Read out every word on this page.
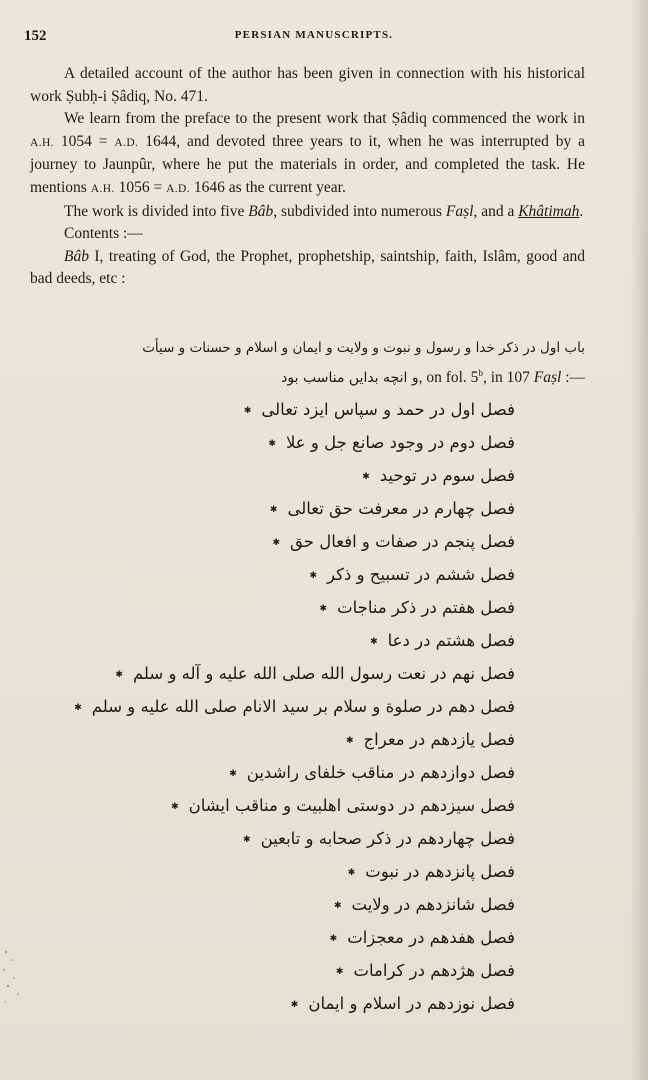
152	PERSIAN MANUSCRIPTS.

A detailed account of the author has been given in connection with his historical work Ṣubḥ-i Ṣâdiq, No. 471.

We learn from the preface to the present work that Ṣâdiq commenced the work in A.H. 1054 = A.D. 1644, and devoted three years to it, when he was interrupted by a journey to Jaunpûr, where he put the materials in order, and completed the task. He mentions A.H. 1056 = A.D. 1646 as the current year.

The work is divided into five Bâb, subdivided into numerous Faṣl, and a Khâtimah.

Contents :—

Bâb I, treating of God, the Prophet, prophetship, saintship, faith, Islâm, good and bad deeds, etc :

باب اول در ذکر خدا و رسول و نبوت و ولایت و ایمان و اسلام و حسنات و سیأت
و انچه بدایں مناسب بود, on fol. 5$^b$, in 107 Faṣl :—
فصل اول در حمد و سپاس ایزد تعالی✱
فصل دوم در وجود صانع جل و علا✱
فصل سوم در توحید✱
فصل چهارم در معرفت حق تعالی✱
فصل پنجم در صفات و افعال حق✱
فصل ششم در تسبیح و ذکر✱
فصل هفتم در ذکر مناجات✱
فصل هشتم در دعا✱
فصل نهم در نعت رسول الله صلی الله علیه و آله و سلم✱
فصل دهم در صلوة و سلام بر سید الانام صلی الله علیه و سلم✱
فصل یازدهم در معراج✱
فصل دوازدهم در مناقب خلفای راشدین✱
فصل سیزدهم در دوستی اهلبیت و مناقب ایشان✱
فصل چهاردهم در ذکر صحابه و تابعین✱
فصل پانزدهم در نبوت✱
فصل شانزدهم در ولایت✱
فصل هفدهم در معجزات✱
فصل هژدهم در کرامات✱
فصل نوزدهم در اسلام و ایمان✱
